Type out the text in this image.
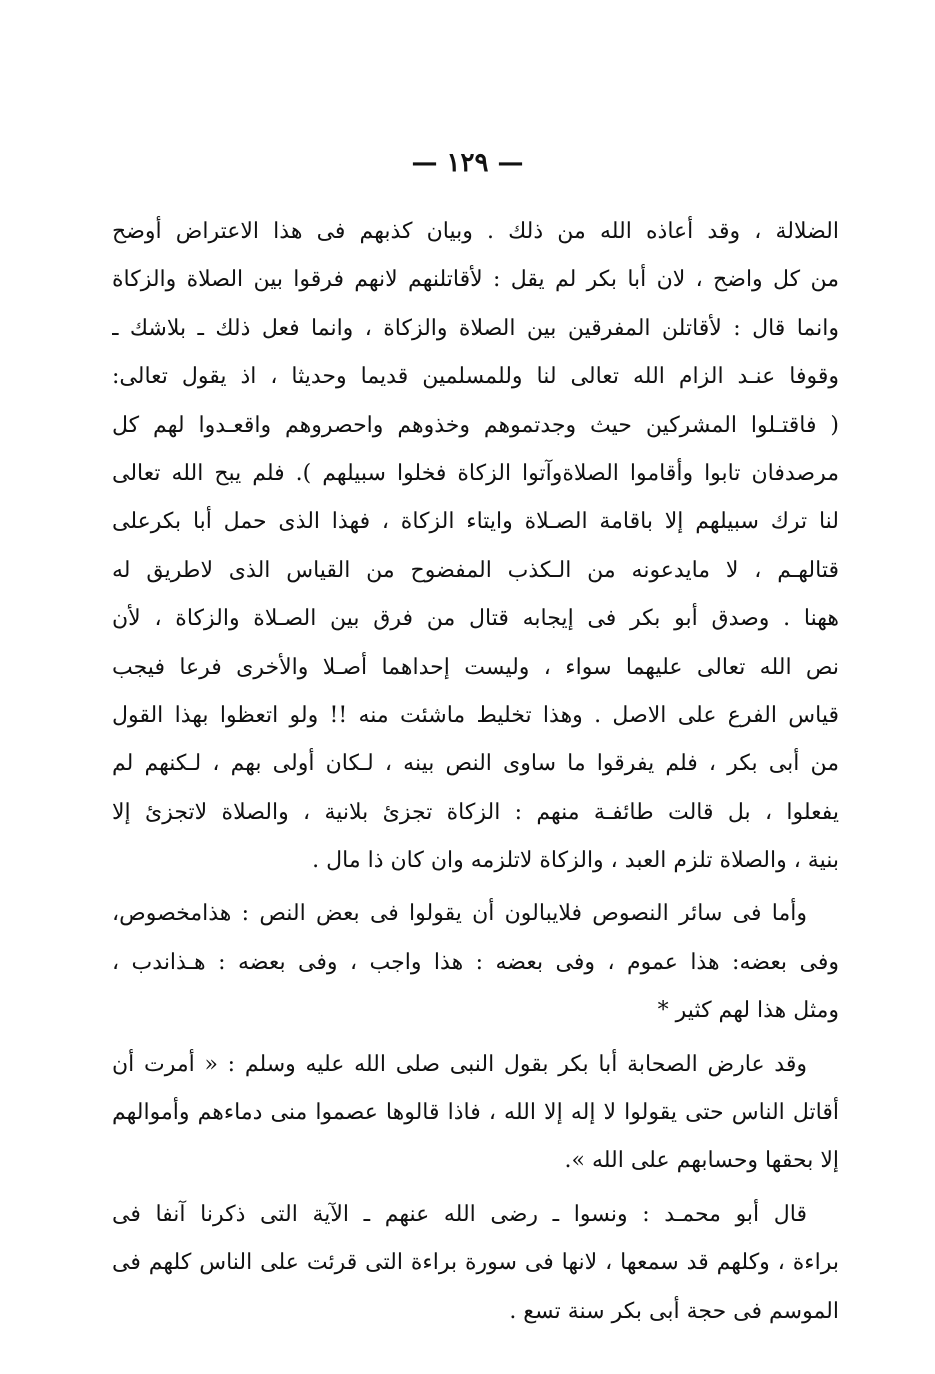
— ١٢٩ —
الضلالة ، وقد أعاذه الله من ذلك . وبيان كذبهم فى هذا الاعتراض أوضح
من كل واضح ، لان أبا بكر لم يقل : لأقاتلنهم لانهم فرقوا بين الصلاة والزكاة
وانما قال : لأقاتلن المفرقين بين الصلاة والزكاة ، وانما فعل ذلك ـ بلاشك ـ
وقوفا عنـد الزام الله تعالى لنا وللمسلمين قديما وحديثا ، اذ يقول تعالى:
( فاقتـلوا المشركين حيث وجدتموهم وخذوهم واحصروهم واقعـدوا لهم كل
مرصدفان تابوا وأقاموا الصلاةوآتوا الزكاة فخلوا سبيلهم ). فلم يبح الله تعالى
لنا ترك سبيلهم إلا باقامة الصـلاة وايتاء الزكاة ، فهذا الذى حمل أبا بكرعلى
قتالهـم ، لا مايدعونه من الـكذب المفضوح من القياس الذى لاطريق له
ههنا . وصدق أبو بكر فى إيجابه قتال من فرق بين الصـلاة والزكاة ، لأن
نص الله تعالى عليهما سواء ، وليست إحداهما أصـلا والأخرى فرعا فيجب
قياس الفرع على الاصل . وهذا تخليط ماشئت منه !! ولو اتعظوا بهذا القول
من أبى بكر ، فلم يفرقوا ما ساوى النص بينه ، لـكان أولى بهم ، لـكنهم لم
يفعلوا ، بل قالت طائفـة منهم : الزكاة تجزئ بلانية ، والصلاة لاتجزئ إلا
بنية ، والصلاة تلزم العبد ، والزكاة لاتلزمه وان كان ذا مال .
وأما فى سائر النصوص فلايبالون أن يقولوا فى بعض النص : هذامخصوص،
وفى بعضه: هذا عموم ، وفى بعضه : هذا واجب ، وفى بعضه : هـذاندب ،
ومثل هذا لهم كثير *
وقد عارض الصحابة أبا بكر بقول النبى صلى الله عليه وسلم : « أمرت أن
أقاتل الناس حتى يقولوا لا إله إلا الله ، فاذا قالوها عصموا منى دماءهم وأموالهم
إلا بحقها وحسابهم على الله ».
قال أبو محمـد : ونسوا ـ رضى الله عنهم ـ الآية التى ذكرنا آنفا فى
براءة ، وكلهم قد سمعها ، لانها فى سورة براءة التى قرئت على الناس كلهم فى
الموسم فى حجة أبى بكر سنة تسع .
